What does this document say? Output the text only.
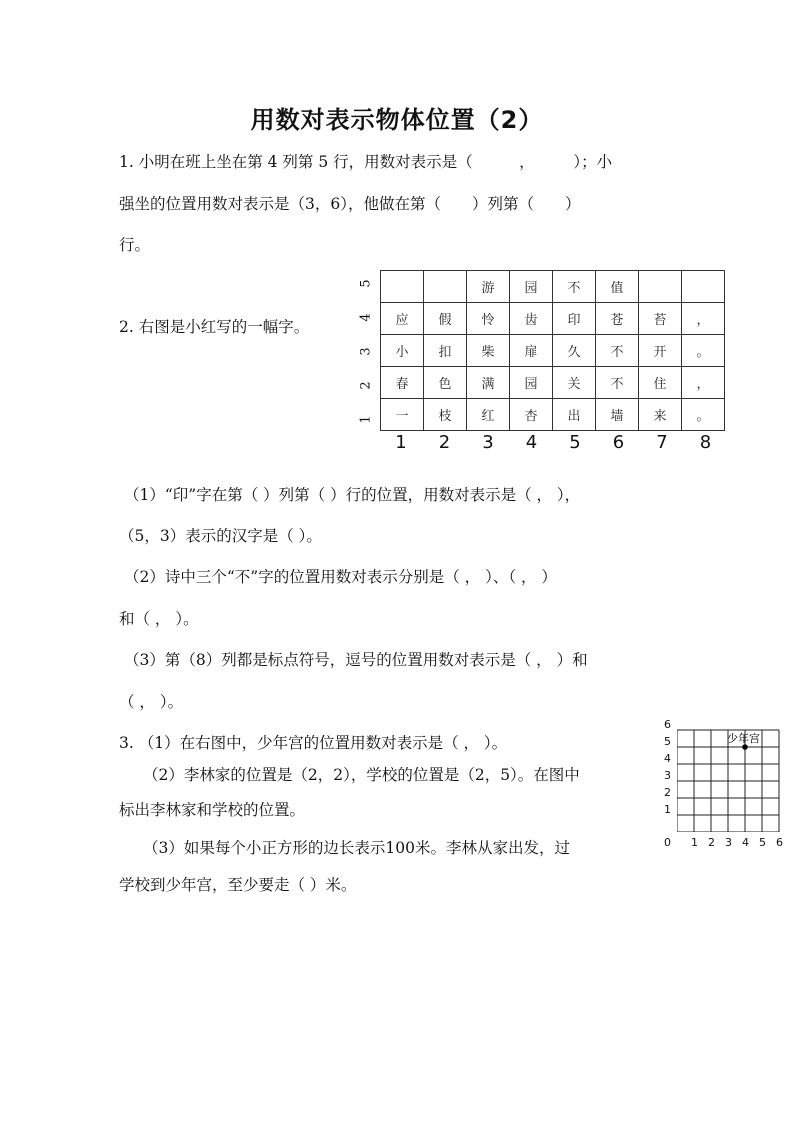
用数对表示物体位置（2）
1. 小明在班上坐在第 4 列第 5 行，用数对表示是（　　　，　　　）；小
强坐的位置用数对表示是（3，6），他做在第（　　）列第（　　）
行。
2. 右图是小红写的一幅字。
		游	园	不	值		
应	假	怜	齿	印	苍	苔	，
小	扣	柴	扉	久	不	开	。
春	色	满	园	关	不	住	，
一	枝	红	杏	出	墙	来	。
5
4
3
2
1
1 2 3 4 5 6 7 8
（1）“印”字在第（ ）列第（ ）行的位置，用数对表示是（ ， ），
（5，3）表示的汉字是（ ）。
（2）诗中三个“不”字的位置用数对表示分别是（ ， ）、（ ， ）
和（ ， ）。
（3）第（8）列都是标点符号，逗号的位置用数对表示是（ ， ）和
（ ， ）。
3. （1）在右图中，少年宫的位置用数对表示是（ ， ）。
（2）李林家的位置是（2，2），学校的位置是（2，5）。在图中
标出李林家和学校的位置。
（3）如果每个小正方形的边长表示100米。李林从家出发，过
学校到少年宫，至少要走（ ）米。
少年宫
6
5
4
3
2
1
0 1 2 3 4 5 6
